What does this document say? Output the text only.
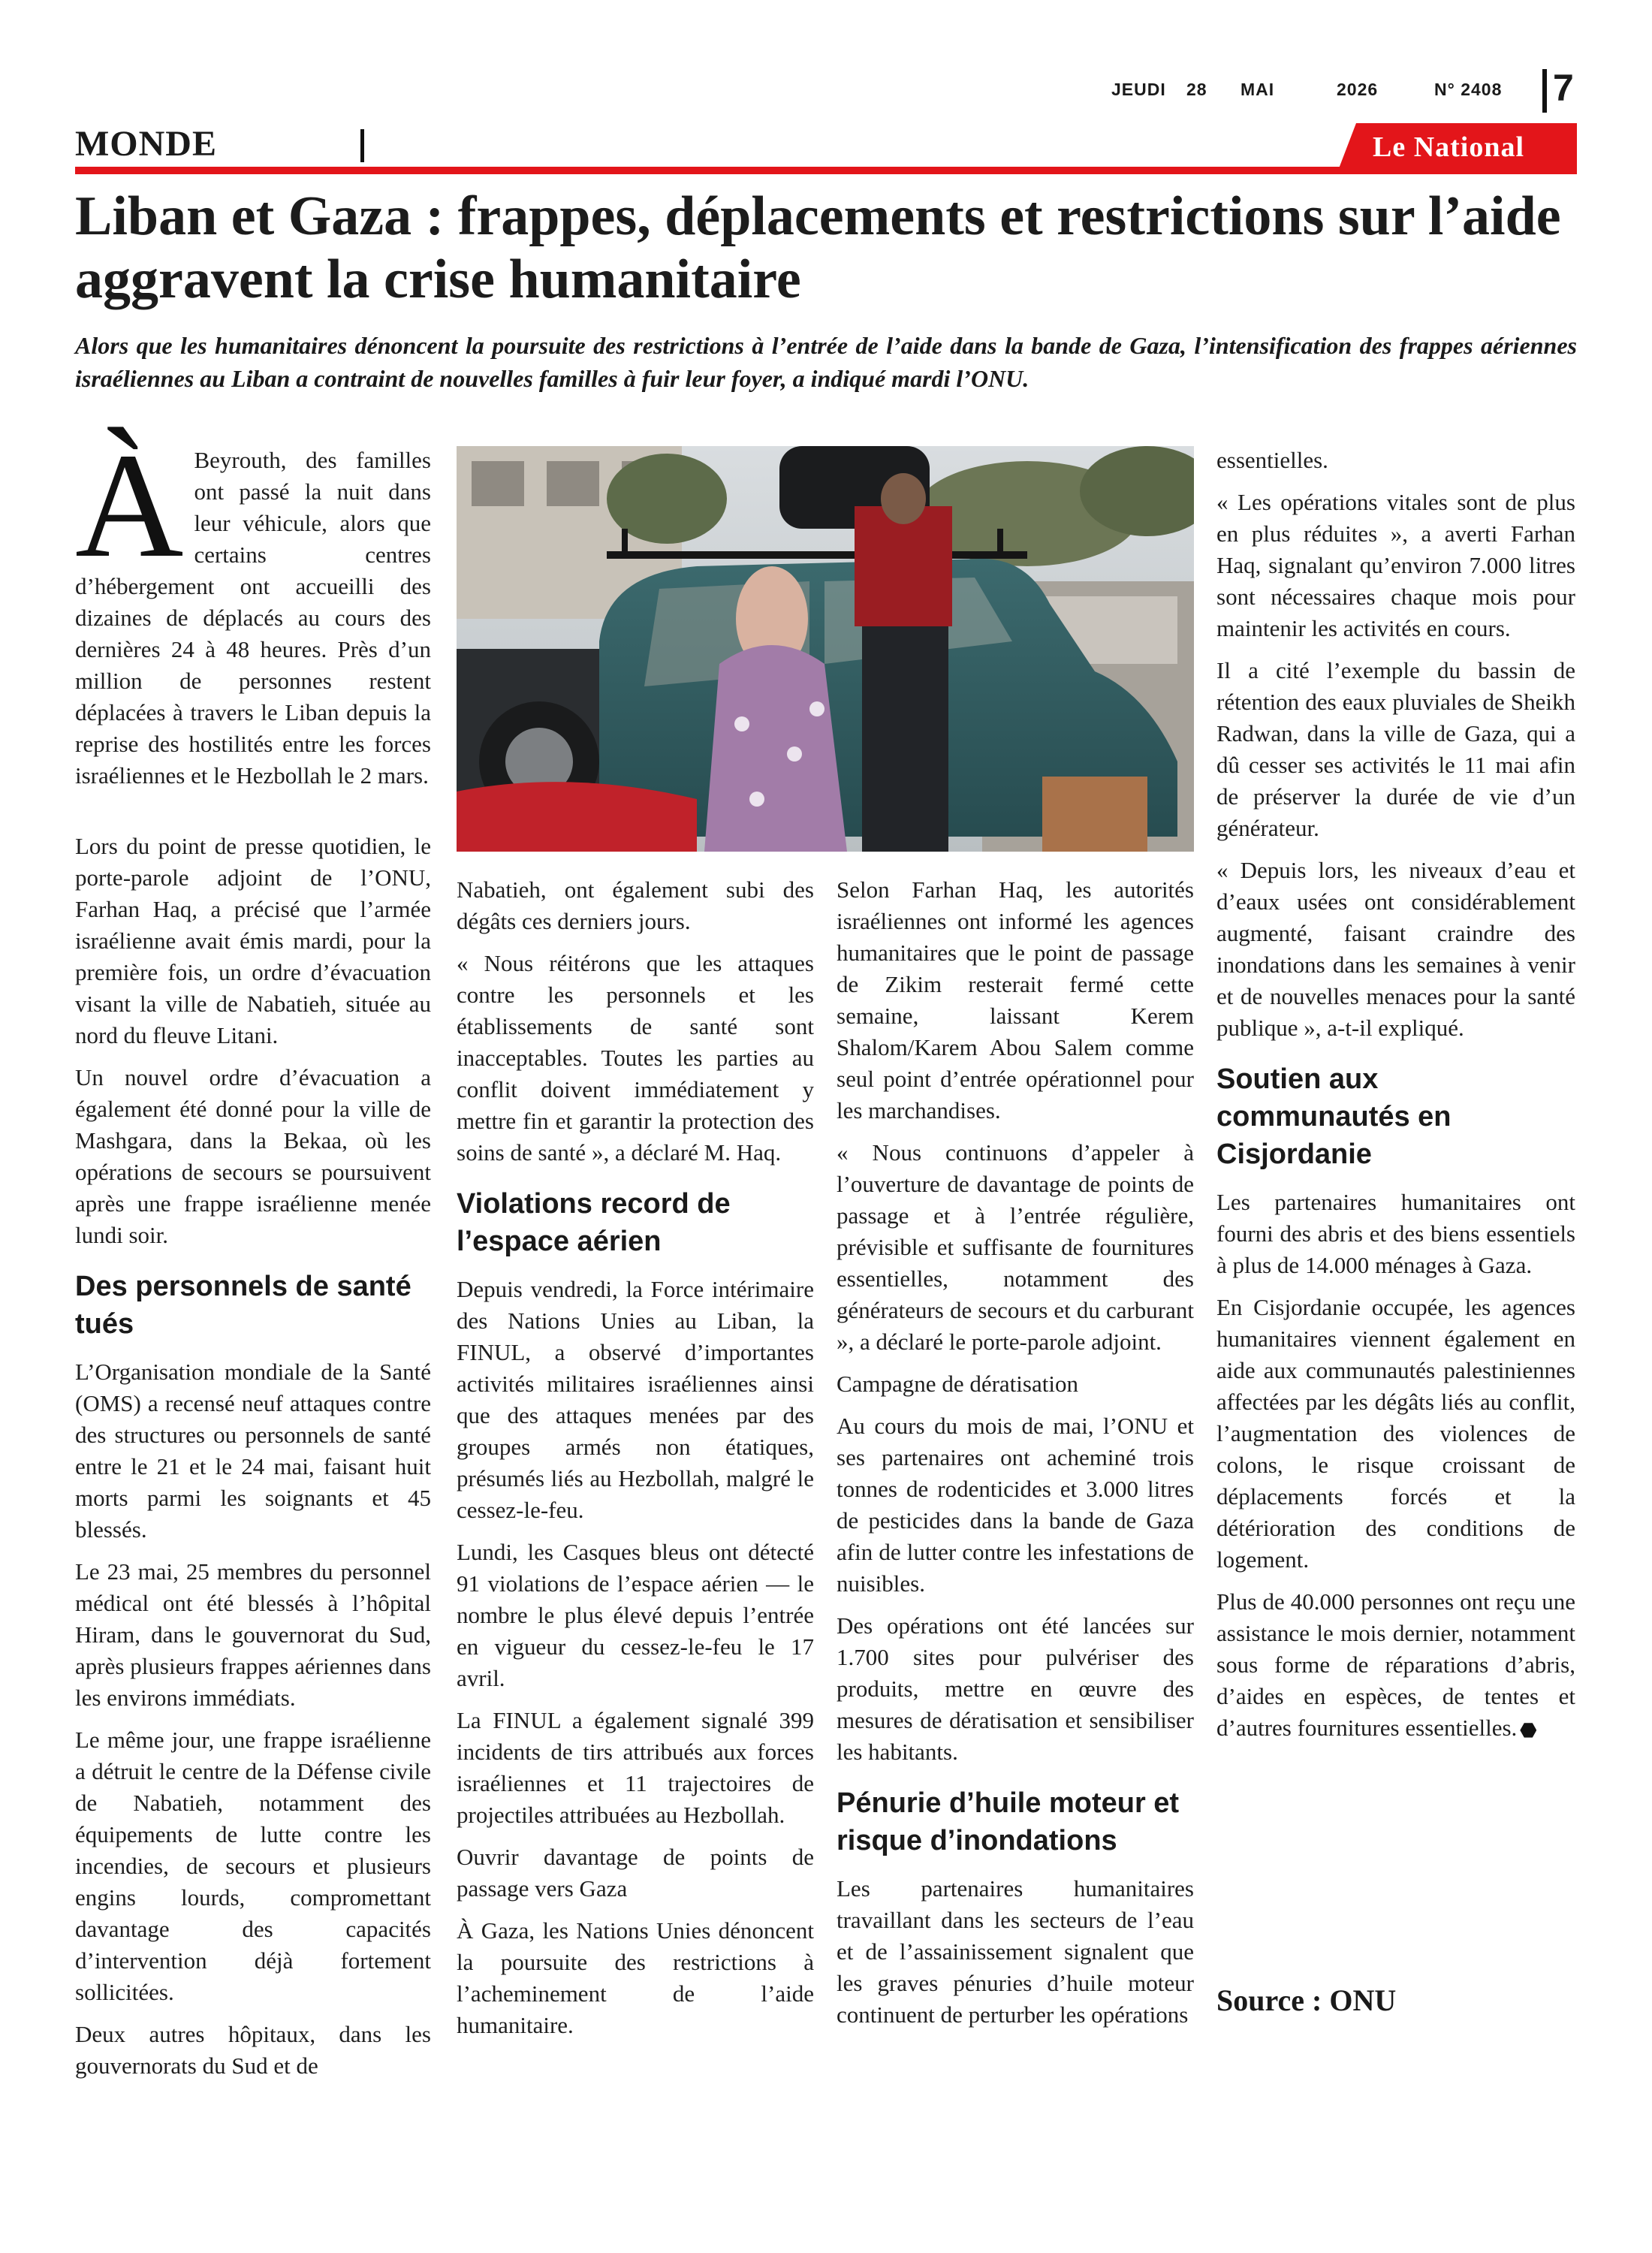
JEUDI 28 MAI	2026	N° 2408 7
MONDE	Le National
Liban et Gaza : frappes, déplacements et restrictions sur l’aide aggravent la crise humanitaire

Alors que les humanitaires dénoncent la poursuite des restrictions à l’entrée de l’aide dans la bande de Gaza, l’intensification des frappes aériennes israéliennes au Liban a contraint de nouvelles familles à fuir leur foyer, a indiqué mardi l’ONU.

À Beyrouth, des familles ont passé la nuit dans leur véhicule, alors que certains centres d’hébergement ont accueilli des dizaines de déplacés au cours des dernières 24 à 48 heures. Près d’un million de personnes restent déplacées à travers le Liban depuis la reprise des hostilités entre les forces israéliennes et le Hezbollah le 2 mars.

Lors du point de presse quotidien, le porte-parole adjoint de l’ONU, Farhan Haq, a précisé que l’armée israélienne avait émis mardi, pour la première fois, un ordre d’évacuation visant la ville de Nabatieh, située au nord du fleuve Litani.

Un nouvel ordre d’évacuation a également été donné pour la ville de Mashgara, dans la Bekaa, où les opérations de secours se poursuivent après une frappe israélienne menée lundi soir.

Des personnels de santé tués

L’Organisation mondiale de la Santé (OMS) a recensé neuf attaques contre des structures ou personnels de santé entre le 21 et le 24 mai, faisant huit morts parmi les soignants et 45 blessés.

Le 23 mai, 25 membres du personnel médical ont été blessés à l’hôpital Hiram, dans le gouvernorat du Sud, après plusieurs frappes aériennes dans les environs immédiats.

Le même jour, une frappe israélienne a détruit le centre de la Défense civile de Nabatieh, notamment des équipements de lutte contre les incendies, de secours et plusieurs engins lourds, compromettant davantage des capacités d’intervention déjà fortement sollicitées.

Deux autres hôpitaux, dans les gouvernorats du Sud et de

Nabatieh, ont également subi des dégâts ces derniers jours.

« Nous réitérons que les attaques contre les personnels et les établissements de santé sont inacceptables. Toutes les parties au conflit doivent immédiatement y mettre fin et garantir la protection des soins de santé », a déclaré M. Haq.

Violations record de l’espace aérien

Depuis vendredi, la Force intérimaire des Nations Unies au Liban, la FINUL, a observé d’importantes activités militaires israéliennes ainsi que des attaques menées par des groupes armés non étatiques, présumés liés au Hezbollah, malgré le cessez-le-feu.

Lundi, les Casques bleus ont détecté 91 violations de l’espace aérien — le nombre le plus élevé depuis l’entrée en vigueur du cessez-le-feu le 17 avril.

La FINUL a également signalé 399 incidents de tirs attribués aux forces israéliennes et 11 trajectoires de projectiles attribuées au Hezbollah.

Ouvrir davantage de points de passage vers Gaza

À Gaza, les Nations Unies dénoncent la poursuite des restrictions à l’acheminement de l’aide humanitaire.

Selon Farhan Haq, les autorités israéliennes ont informé les agences humanitaires que le point de passage de Zikim resterait fermé cette semaine, laissant Kerem Shalom/Karem Abou Salem comme seul point d’entrée opérationnel pour les marchandises.

« Nous continuons d’appeler à l’ouverture de davantage de points de passage et à l’entrée régulière, prévisible et suffisante de fournitures essentielles, notamment des générateurs de secours et du carburant », a déclaré le porte-parole adjoint.

Campagne de dératisation

Au cours du mois de mai, l’ONU et ses partenaires ont acheminé trois tonnes de rodenticides et 3.000 litres de pesticides dans la bande de Gaza afin de lutter contre les infestations de nuisibles.

Des opérations ont été lancées sur 1.700 sites pour pulvériser des produits, mettre en œuvre des mesures de dératisation et sensibiliser les habitants.

Pénurie d’huile moteur et risque d’inondations

Les partenaires humanitaires travaillant dans les secteurs de l’eau et de l’assainissement signalent que les graves pénuries d’huile moteur continuent de perturber les opérations

essentielles.

« Les opérations vitales sont de plus en plus réduites », a averti Farhan Haq, signalant qu’environ 7.000 litres sont nécessaires chaque mois pour maintenir les activités en cours.

Il a cité l’exemple du bassin de rétention des eaux pluviales de Sheikh Radwan, dans la ville de Gaza, qui a dû cesser ses activités le 11 mai afin de préserver la durée de vie d’un générateur.

« Depuis lors, les niveaux d’eau et d’eaux usées ont considérablement augmenté, faisant craindre des inondations dans les semaines à venir et de nouvelles menaces pour la santé publique », a-t-il expliqué.

Soutien aux communautés en Cisjordanie

Les partenaires humanitaires ont fourni des abris et des biens essentiels à plus de 14.000 ménages à Gaza.

En Cisjordanie occupée, les agences humanitaires viennent également en aide aux communautés palestiniennes affectées par les dégâts liés au conflit, l’augmentation des violences de colons, le risque croissant de déplacements forcés et la détérioration des conditions de logement.

Plus de 40.000 personnes ont reçu une assistance le mois dernier, notamment sous forme de réparations d’abris, d’aides en espèces, de tentes et d’autres fournitures essentielles.

Source : ONU
